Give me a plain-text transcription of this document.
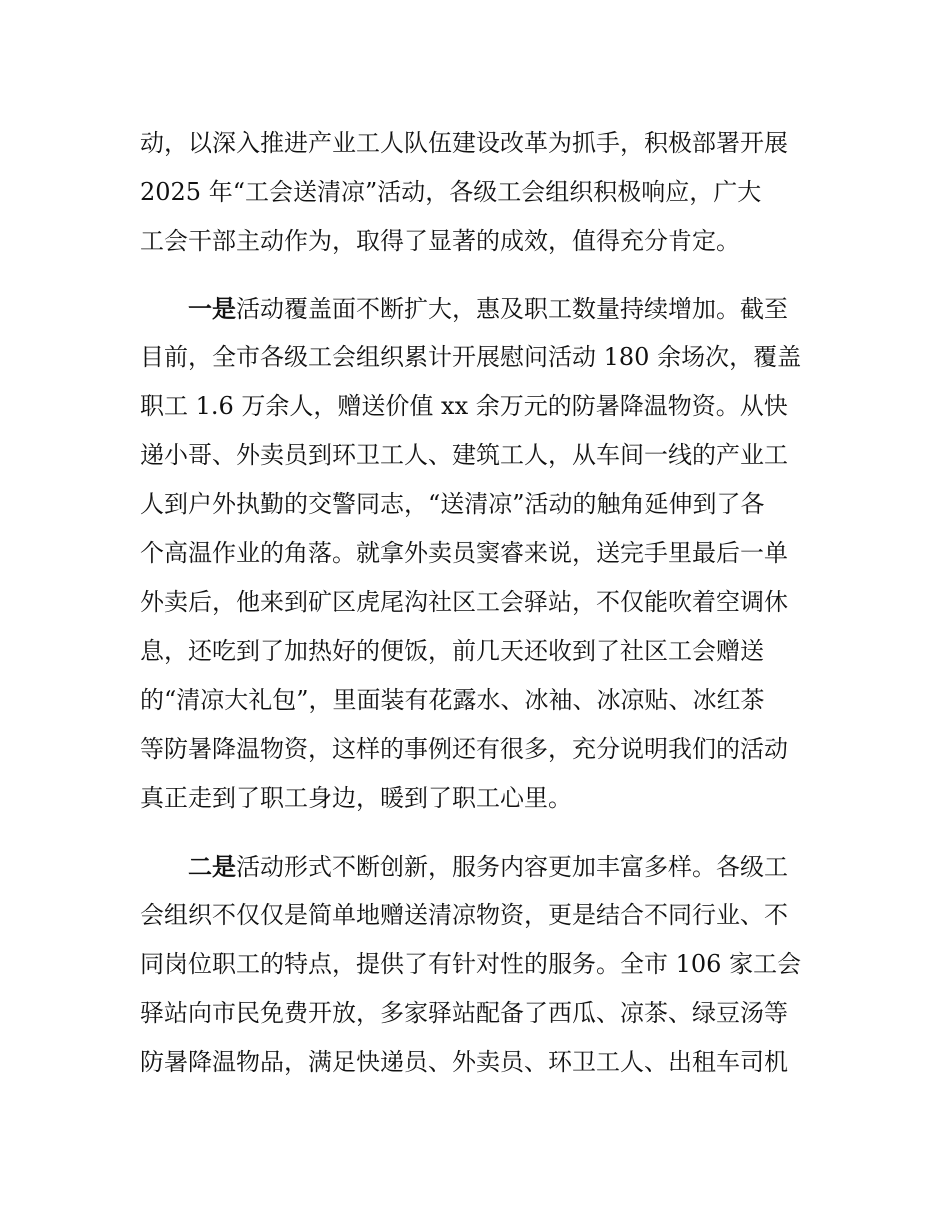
动，以深入推进产业工人队伍建设改革为抓手，积极部署开展
2025 年“工会送清凉”活动，各级工会组织积极响应，广大
工会干部主动作为，取得了显著的成效，值得充分肯定。
一是活动覆盖面不断扩大，惠及职工数量持续增加。截至
目前，全市各级工会组织累计开展慰问活动 180 余场次，覆盖
职工 1.6 万余人，赠送价值 xx 余万元的防暑降温物资。从快
递小哥、外卖员到环卫工人、建筑工人，从车间一线的产业工
人到户外执勤的交警同志，“送清凉”活动的触角延伸到了各
个高温作业的角落。就拿外卖员窦睿来说，送完手里最后一单
外卖后，他来到矿区虎尾沟社区工会驿站，不仅能吹着空调休
息，还吃到了加热好的便饭，前几天还收到了社区工会赠送
的“清凉大礼包”，里面装有花露水、冰袖、冰凉贴、冰红茶
等防暑降温物资，这样的事例还有很多，充分说明我们的活动
真正走到了职工身边，暖到了职工心里。
二是活动形式不断创新，服务内容更加丰富多样。各级工
会组织不仅仅是简单地赠送清凉物资，更是结合不同行业、不
同岗位职工的特点，提供了有针对性的服务。全市 106 家工会
驿站向市民免费开放，多家驿站配备了西瓜、凉茶、绿豆汤等
防暑降温物品，满足快递员、外卖员、环卫工人、出租车司机
